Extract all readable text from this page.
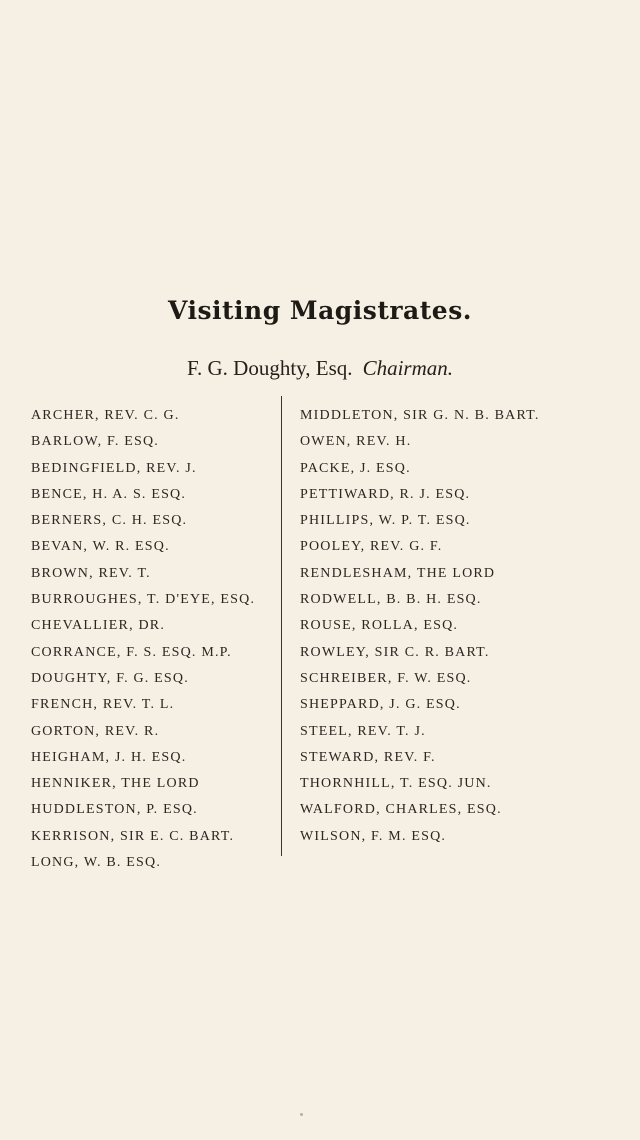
Visiting Magistrates.
F. G. Doughty, Esq. Chairman.
ARCHER, REV. C. G.
BARLOW, F. ESQ.
BEDINGFIELD, REV. J.
BENCE, H. A. S. ESQ.
BERNERS, C. H. ESQ.
BEVAN, W. R. ESQ.
BROWN, REV. T.
BURROUGHES, T. D'EYE, ESQ.
CHEVALLIER, DR.
CORRANCE, F. S. ESQ. M.P.
DOUGHTY, F. G. ESQ.
FRENCH, REV. T. L.
GORTON, REV. R.
HEIGHAM, J. H. ESQ.
HENNIKER, THE LORD
HUDDLESTON, P. ESQ.
KERRISON, SIR E. C. BART.
LONG, W. B. ESQ.
MIDDLETON, SIR G. N. B. BART.
OWEN, REV. H.
PACKE, J. ESQ.
PETTIWARD, R. J. ESQ.
PHILLIPS, W. P. T. ESQ.
POOLEY, REV. G. F.
RENDLESHAM, THE LORD
RODWELL, B. B. H. ESQ.
ROUSE, ROLLA, ESQ.
ROWLEY, SIR C. R. BART.
SCHREIBER, F. W. ESQ.
SHEPPARD, J. G. ESQ.
STEEL, REV. T. J.
STEWARD, REV. F.
THORNHILL, T. ESQ. JUN.
WALFORD, CHARLES, ESQ.
WILSON, F. M. ESQ.
